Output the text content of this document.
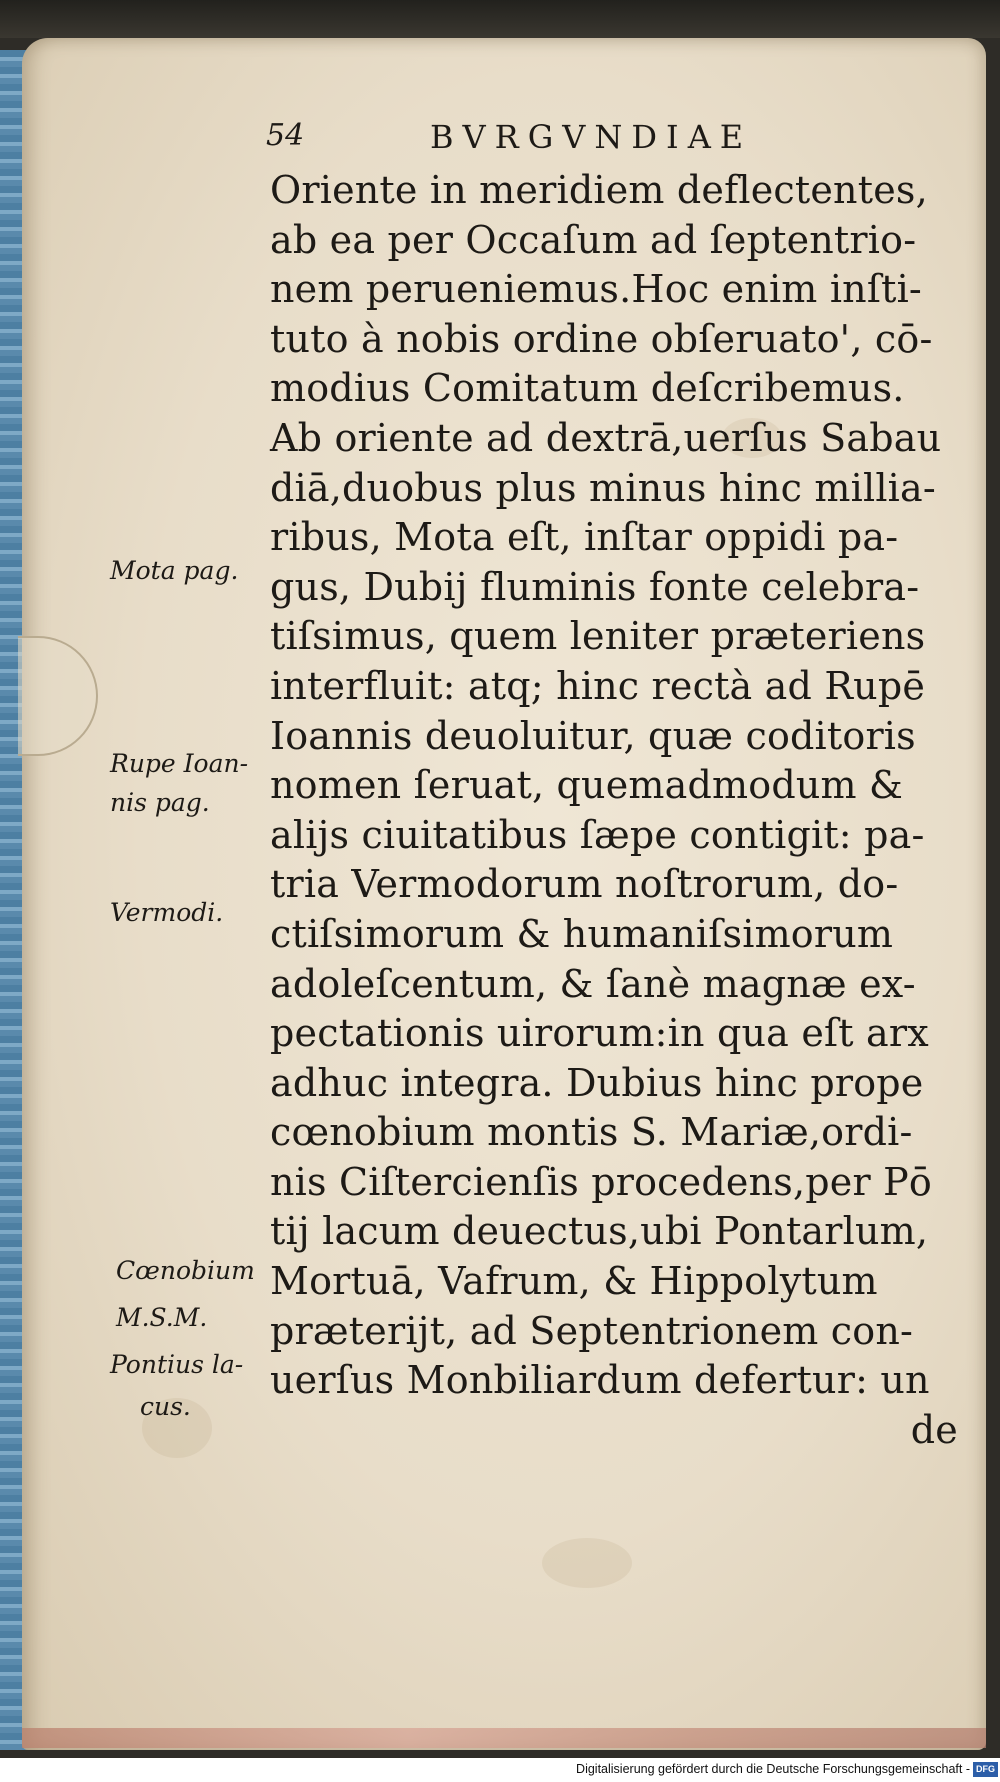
54	BVRGVNDIAE
Oriente in meridiem deflectentes,
ab ea per Occaſum ad ſeptentrio-
nem perueniemus.Hoc enim inſti-
tuto à nobis ordine obſeruato', cō-
modius Comitatum deſcribemus.
Ab oriente ad dextrā,uerſus Sabau
diā,duobus plus minus hinc millia-
ribus, Mota eſt, inſtar oppidi pa-
gus, Dubij fluminis fonte celebra-
tiſsimus, quem leniter præteriens
interfluit: atq; hinc rectà ad Rupē
Ioannis deuoluitur, quæ coditoris
nomen ſeruat, quemadmodum &
alijs ciuitatibus ſæpe contigit: pa-
tria Vermodorum noſtrorum, do-
ctiſsimorum & humaniſsimorum
adoleſcentum, & ſanè magnæ ex-
pectationis uirorum:in qua eſt arx
adhuc integra. Dubius hinc prope
cœnobium montis S. Mariæ,ordi-
nis Ciſtercienſis procedens,per Pō
tij lacum deuectus,ubi Pontarlum,
Mortuā, Vafrum, & Hippolytum
præterijt, ad Septentrionem con-
uerſus Monbiliardum defertur: un
de
Mota pag.
Rupe Ioan-
nis pag.
Vermodi.
Cœnobium
M.S.M.
Pontius la-
cus.
Digitalisierung gefördert durch die Deutsche Forschungsgemeinschaft - DFG
